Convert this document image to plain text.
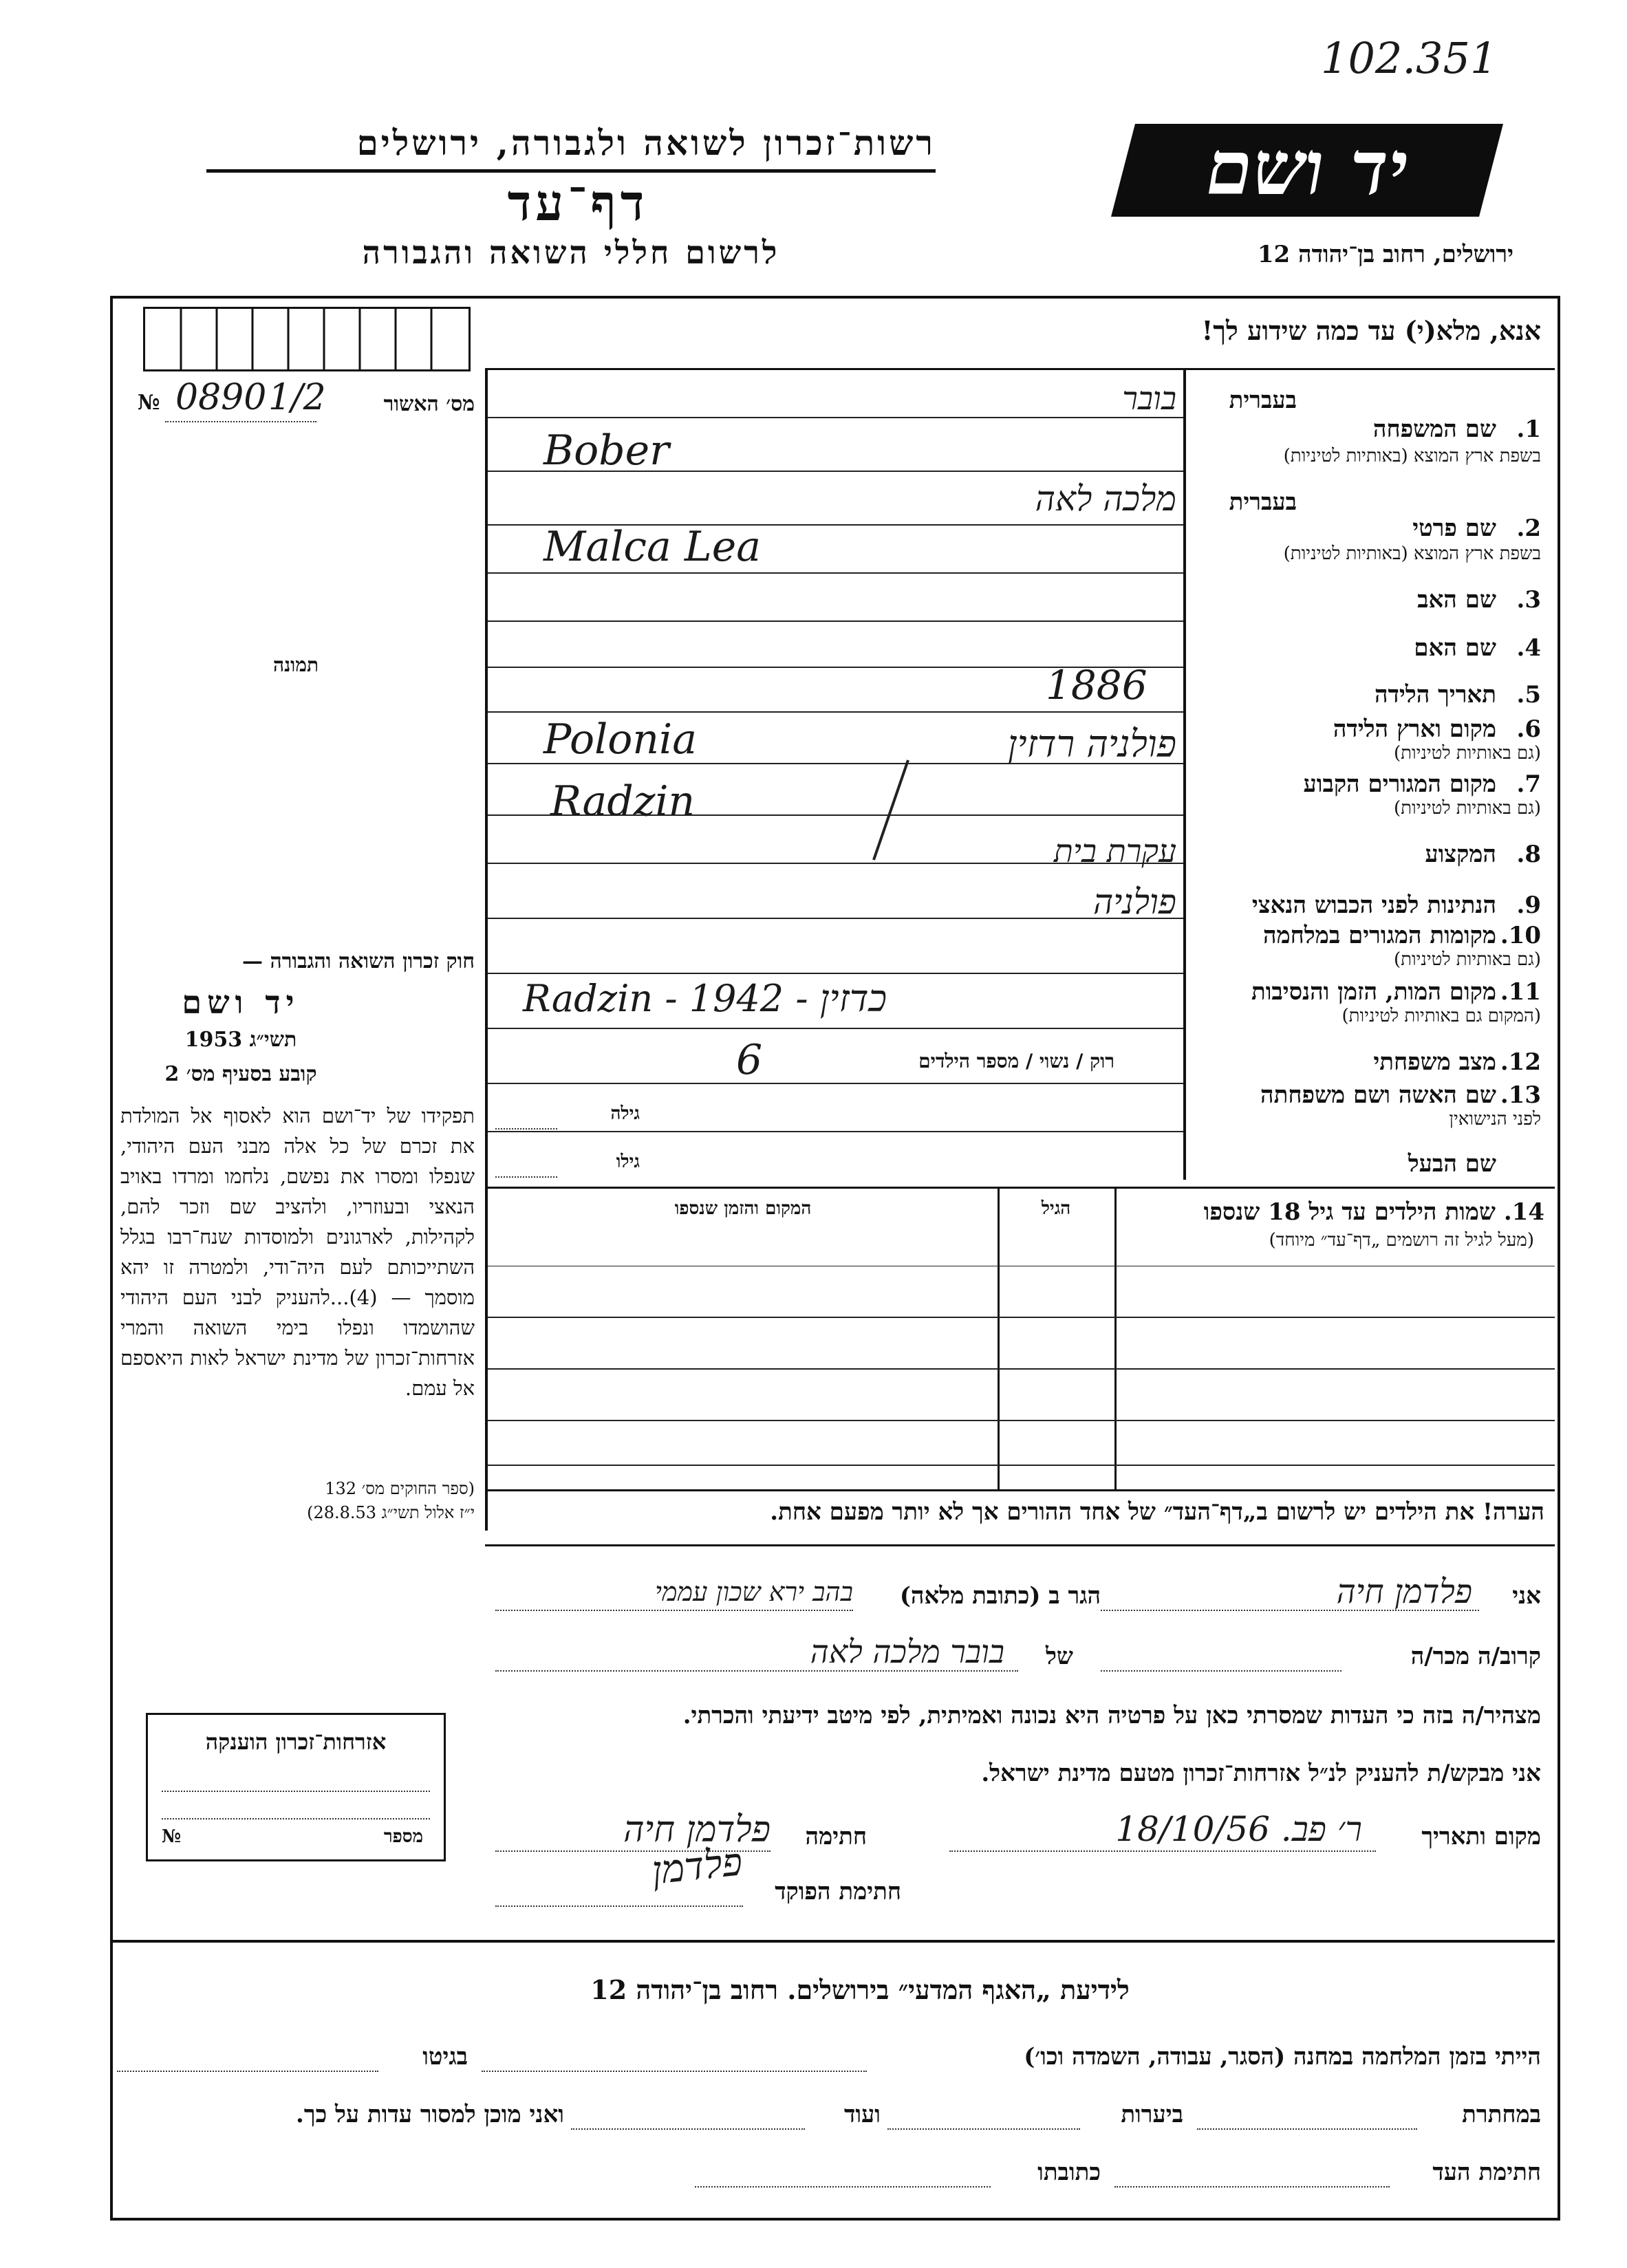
102.351
יד ושם
רשות־זכרון לשואה ולגבורה, ירושלים
דף־עד
לרשום חללי השואה והגבורה	ירושלים, רחוב בן־יהודה 12
אנא, מלא(י) עד כמה שידוע לך!
מס׳ האשור
№ 0890 1/2
תמונה
חוק זכרון השואה והגבורה —
יד ושם
תשי״ג 1953
קובע בסעיף מס׳ 2
תפקידו של יד־ושם הוא לאסוף אל המולדת את זכרם של כל אלה מבני העם היהודי, שנפלו ומסרו את נפשם, נלחמו ומרדו באויב הנאצי ובעוזריו, ולהציב שם וזכר להם, לקהילות, לארגונים ולמוסדות שנח־רבו בגלל השתייכותם לעם היה־ודי, ולמטרה זו יהא מוסמך — (4)...להעניק לבני העם היהודי שהושמדו ונפלו בימי השואה והמרי אזרחות־זכרון של מדינת ישראל לאות היאספם אל עמם.
(ספר החוקים מס׳ 132
י״ז אלול תשי״ג 28.8.53)
בעברית
1.
שם המשפחה
בשפת ארץ המוצא (באותיות לטיניות)
בעברית
2.
שם פרטי
בשפת ארץ המוצא (באותיות לטיניות)
3.
שם האב
4.
שם האם
5.
תאריך הלידה
6.
מקום וארץ הלידה
(גם באותיות לטיניות)
7.
מקום המגורים הקבוע
(גם באותיות לטיניות)
8.
המקצוע
9.
הנתינות לפני הכבוש הנאצי
10.
מקומות המגורים במלחמה
(גם באותיות לטיניות)
11.
מקום המות, הזמן והנסיבות
(המקום גם באותיות לטיניות)
12.
מצב משפחתי
13.
שם האשה ושם משפחתה
לפני הנישואין
שם הבעל
בובר
Bober
מלכה לאה
Malca Lea
1886
Polonia	פולניה רדזין
Radzin
עקרת בית
פולניה
Radzin - 1942 - כדזין
רוק / נשוי / מספר הילדים
6
גילה
גילו
14. שמות הילדים עד גיל 18 שנספו
(מעל לגיל זה רושמים „דף־עד״ מיוחד)
הגיל
המקום והזמן שנספו
הערה! את הילדים יש לרשום ב„דף־העד״ של אחד ההורים אך לא יותר מפעם אחת.
אני
פלדמן חיה
הגר ב (כתובת מלאה)
בהב ירא שכון עממי
קרוב/ה מכר/ה
של
בובר מלכה לאה
מצהיר/ה בזה כי העדות שמסרתי כאן על פרטיה היא נכונה ואמיתית, לפי מיטב ידיעתי והכרתי.
אני מבקש/ת להעניק לנ״ל אזרחות־זכרון מטעם מדינת ישראל.
מקום ותאריך
ר׳ פב. 18/10/56
חתימה
פלדמן חיה
חתימת הפוקד
פלדמן
אזרחות־זכרון הוענקה
מספר
№
לידיעת „האגף המדעי״ בירושלים. רחוב בן־יהודה 12
הייתי בזמן המלחמה במחנה (הסגר, עבודה, השמדה וכו׳)
בגיטו
במחתרת
ביערות
ועוד
ואני מוכן למסור עדות על כך.
חתימת העד
כתובתו
